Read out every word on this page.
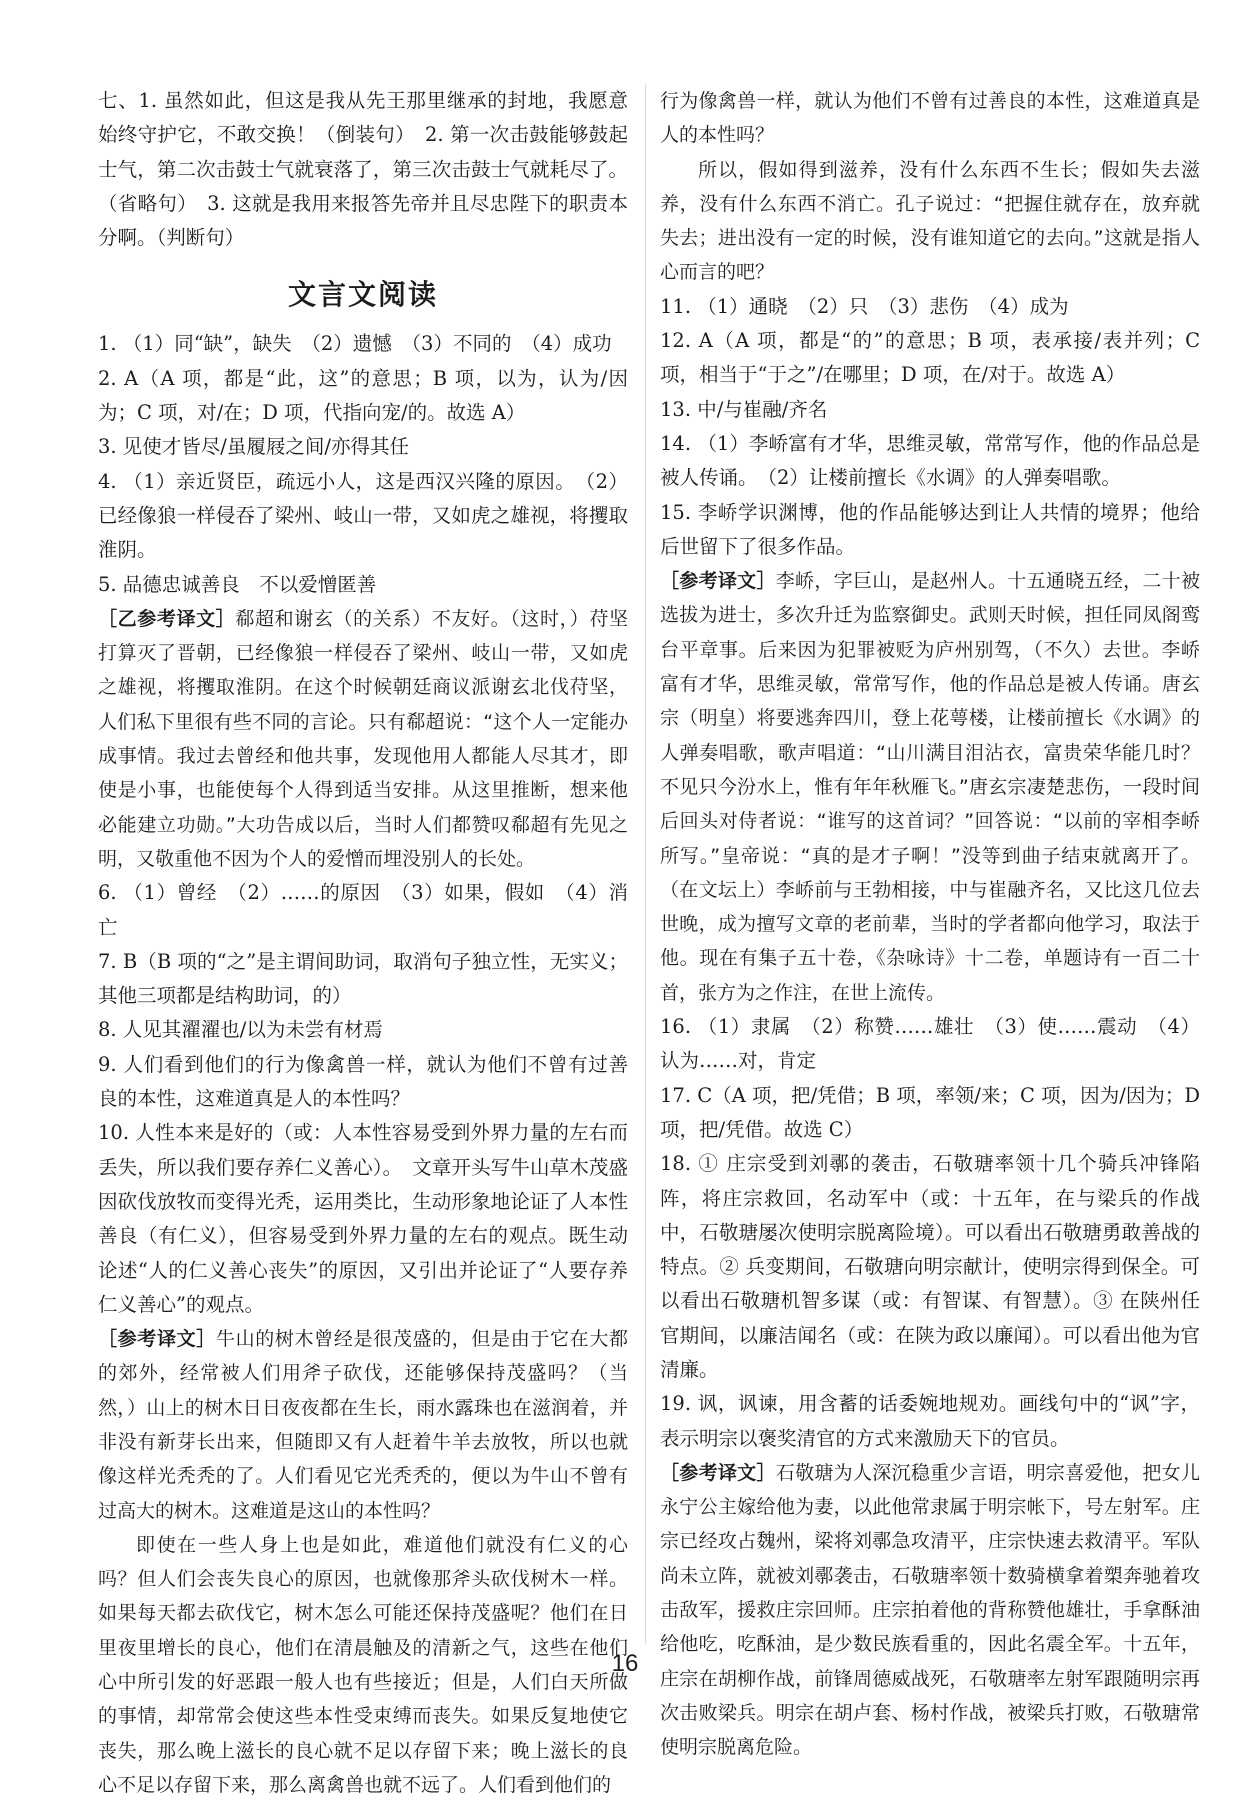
七、1. 虽然如此，但这是我从先王那里继承的封地，我愿意始终守护它，不敢交换！（倒装句）　2. 第一次击鼓能够鼓起士气，第二次击鼓士气就衰落了，第三次击鼓士气就耗尽了。（省略句）　3. 这就是我用来报答先帝并且尽忠陛下的职责本分啊。（判断句）

文言文阅读

1. （1）同“缺”，缺失　（2）遗憾　（3）不同的　（4）成功

2. A（A 项，都是“此，这”的意思；B 项，以为，认为/因为；C 项，对/在；D 项，代指向宠/的。故选 A）

3. 见使才皆尽/虽履屐之间/亦得其任

4. （1）亲近贤臣，疏远小人，这是西汉兴隆的原因。　（2）已经像狼一样侵吞了梁州、岐山一带，又如虎之雄视，将攫取淮阴。

5. 品德忠诚善良　不以爱憎匿善

［乙参考译文］郗超和谢玄（的关系）不友好。（这时，）苻坚打算灭了晋朝，已经像狼一样侵吞了梁州、岐山一带，又如虎之雄视，将攫取淮阴。在这个时候朝廷商议派谢玄北伐苻坚，人们私下里很有些不同的言论。只有郗超说：“这个人一定能办成事情。我过去曾经和他共事，发现他用人都能人尽其才，即使是小事，也能使每个人得到适当安排。从这里推断，想来他必能建立功勋。”大功告成以后，当时人们都赞叹郗超有先见之明，又敬重他不因为个人的爱憎而埋没别人的长处。

6. （1）曾经　（2）……的原因　（3）如果，假如　（4）消亡

7. B（B 项的“之”是主谓间助词，取消句子独立性，无实义；其他三项都是结构助词，的）

8. 人见其濯濯也/以为未尝有材焉

9. 人们看到他们的行为像禽兽一样，就认为他们不曾有过善良的本性，这难道真是人的本性吗？

10. 人性本来是好的（或：人本性容易受到外界力量的左右而丢失，所以我们要存养仁义善心）。　文章开头写牛山草木茂盛因砍伐放牧而变得光秃，运用类比，生动形象地论证了人本性善良（有仁义），但容易受到外界力量的左右的观点。既生动论述“人的仁义善心丧失”的原因，又引出并论证了“人要存养仁义善心”的观点。

［参考译文］牛山的树木曾经是很茂盛的，但是由于它在大都的郊外，经常被人们用斧子砍伐，还能够保持茂盛吗？（当然，）山上的树木日日夜夜都在生长，雨水露珠也在滋润着，并非没有新芽长出来，但随即又有人赶着牛羊去放牧，所以也就像这样光秃秃的了。人们看见它光秃秃的，便以为牛山不曾有过高大的树木。这难道是这山的本性吗？

即使在一些人身上也是如此，难道他们就没有仁义的心吗？但人们会丧失良心的原因，也就像那斧头砍伐树木一样。如果每天都去砍伐它，树木怎么可能还保持茂盛呢？他们在日里夜里增长的良心，他们在清晨触及的清新之气，这些在他们心中所引发的好恶跟一般人也有些接近；但是，人们白天所做的事情，却常常会使这些本性受束缚而丧失。如果反复地使它丧失，那么晚上滋长的良心就不足以存留下来；晚上滋长的良心不足以存留下来，那么离禽兽也就不远了。人们看到他们的

行为像禽兽一样，就认为他们不曾有过善良的本性，这难道真是人的本性吗？

所以，假如得到滋养，没有什么东西不生长；假如失去滋养，没有什么东西不消亡。孔子说过：“把握住就存在，放弃就失去；进出没有一定的时候，没有谁知道它的去向。”这就是指人心而言的吧？

11. （1）通晓　（2）只　（3）悲伤　（4）成为

12. A（A 项，都是“的”的意思；B 项，表承接/表并列；C 项，相当于“于之”/在哪里；D 项，在/对于。故选 A）

13. 中/与崔融/齐名

14. （1）李峤富有才华，思维灵敏，常常写作，他的作品总是被人传诵。　（2）让楼前擅长《水调》的人弹奏唱歌。

15. 李峤学识渊博，他的作品能够达到让人共情的境界；他给后世留下了很多作品。

［参考译文］李峤，字巨山，是赵州人。十五通晓五经，二十被选拔为进士，多次升迁为监察御史。武则天时候，担任同凤阁鸾台平章事。后来因为犯罪被贬为庐州别驾，（不久）去世。李峤富有才华，思维灵敏，常常写作，他的作品总是被人传诵。唐玄宗（明皇）将要逃奔四川，登上花萼楼，让楼前擅长《水调》的人弹奏唱歌，歌声唱道：“山川满目泪沾衣，富贵荣华能几时？不见只今汾水上，惟有年年秋雁飞。”唐玄宗凄楚悲伤，一段时间后回头对侍者说：“谁写的这首词？”回答说：“以前的宰相李峤所写。”皇帝说：“真的是才子啊！”没等到曲子结束就离开了。（在文坛上）李峤前与王勃相接，中与崔融齐名，又比这几位去世晚，成为擅写文章的老前辈，当时的学者都向他学习，取法于他。现在有集子五十卷，《杂咏诗》十二卷，单题诗有一百二十首，张方为之作注，在世上流传。

16. （1）隶属　（2）称赞……雄壮　（3）使……震动　（4）认为……对，肯定

17. C（A 项，把/凭借；B 项，率领/来；C 项，因为/因为；D 项，把/凭借。故选 C）

18. ① 庄宗受到刘鄩的袭击，石敬瑭率领十几个骑兵冲锋陷阵，将庄宗救回，名动军中（或：十五年，在与梁兵的作战中，石敬瑭屡次使明宗脱离险境）。可以看出石敬瑭勇敢善战的特点。② 兵变期间，石敬瑭向明宗献计，使明宗得到保全。可以看出石敬瑭机智多谋（或：有智谋、有智慧）。③ 在陕州任官期间，以廉洁闻名（或：在陕为政以廉闻）。可以看出他为官清廉。

19. 讽，讽谏，用含蓄的话委婉地规劝。画线句中的“讽”字，表示明宗以褒奖清官的方式来激励天下的官员。

［参考译文］石敬瑭为人深沉稳重少言语，明宗喜爱他，把女儿永宁公主嫁给他为妻，以此他常隶属于明宗帐下，号左射军。庄宗已经攻占魏州，梁将刘鄩急攻清平，庄宗快速去救清平。军队尚未立阵，就被刘鄩袭击，石敬瑭率领十数骑横拿着槊奔驰着攻击敌军，援救庄宗回师。庄宗拍着他的背称赞他雄壮，手拿酥油给他吃，吃酥油，是少数民族看重的，因此名震全军。十五年，庄宗在胡柳作战，前锋周德威战死，石敬瑭率左射军跟随明宗再次击败梁兵。明宗在胡卢套、杨村作战，被梁兵打败，石敬瑭常使明宗脱离危险。

16
